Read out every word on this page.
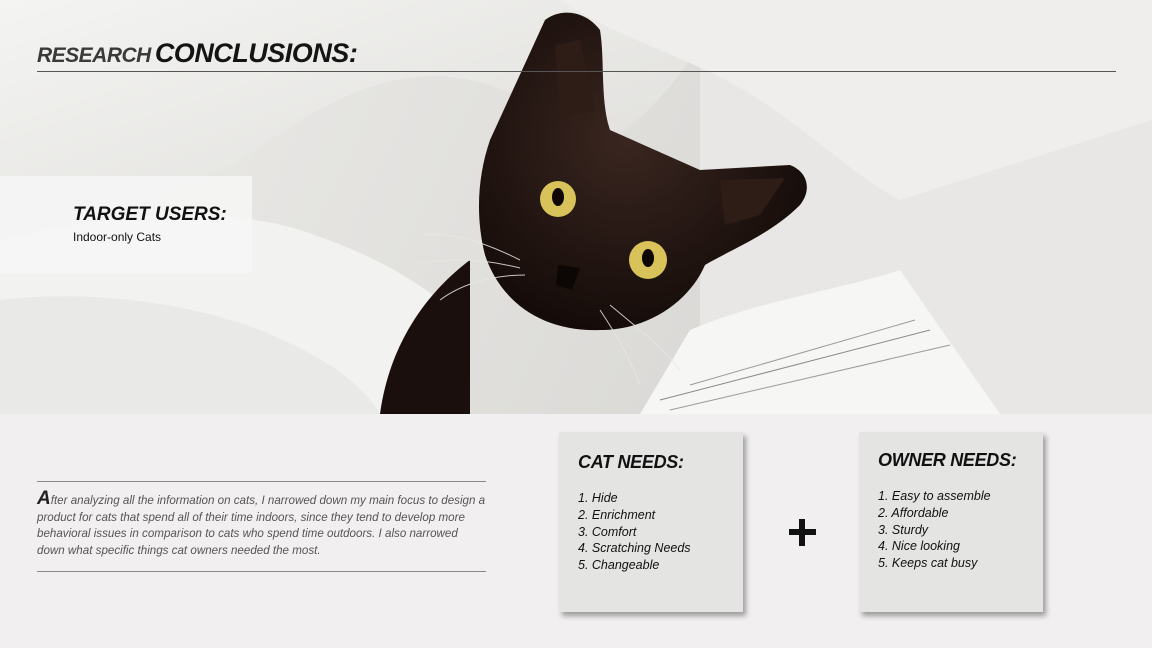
RESEARCH CONCLUSIONS:
TARGET USERS:
Indoor-only Cats
After analyzing all the information on cats, I narrowed down my main focus to design a product for cats that spend all of their time indoors, since they tend to develop more behavioral issues in comparison to cats who spend time outdoors. I also narrowed down what specific things cat owners needed the most.
CAT NEEDS:
1. Hide
2. Enrichment
3. Comfort
4. Scratching Needs
5. Changeable
OWNER NEEDS:
1. Easy to assemble
2. Affordable
3. Sturdy
4. Nice looking
5. Keeps cat busy
